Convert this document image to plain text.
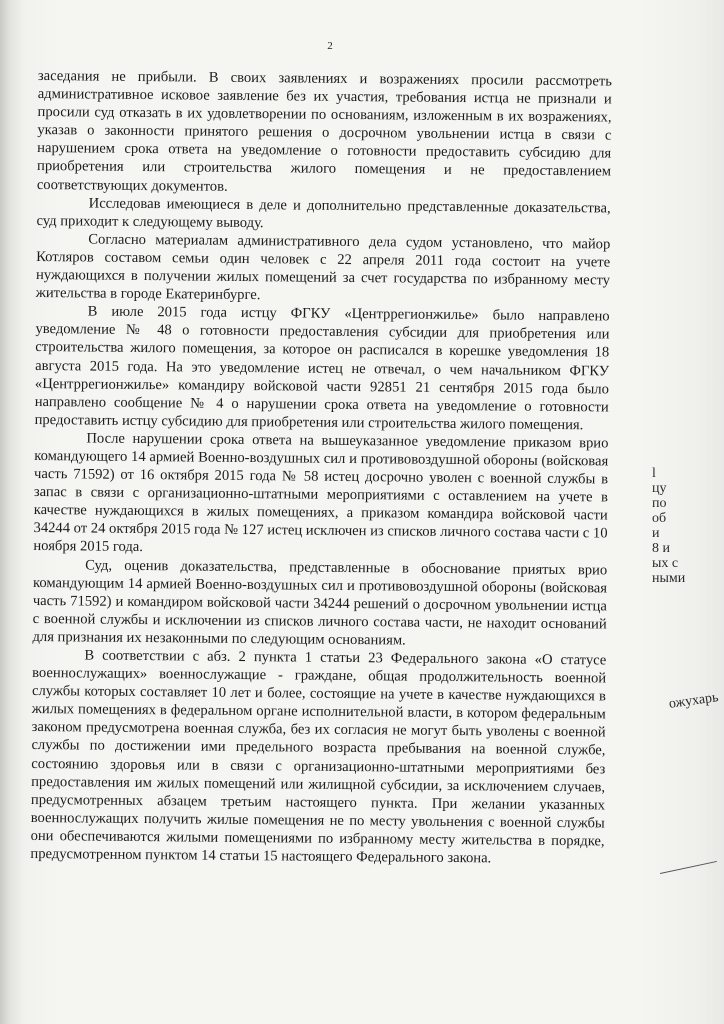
2

заседания не прибыли. В своих заявлениях и возражениях просили рассмотреть административное исковое заявление без их участия, требования истца не признали и просили суд отказать в их удовлетворении по основаниям, изложенным в их возражениях, указав о законности принятого решения о досрочном увольнении истца в связи с нарушением срока ответа на уведомление о готовности предоставить субсидию для приобретения или строительства жилого помещения и не предоставлением соответствующих документов.

Исследовав имеющиеся в деле и дополнительно представленные доказательства, суд приходит к следующему выводу.

Согласно материалам административного дела судом установлено, что майор Котляров составом семьи один человек с 22 апреля 2011 года состоит на учете нуждающихся в получении жилых помещений за счет государства по избранному месту жительства в городе Екатеринбурге.

В июле 2015 года истцу ФГКУ «Центррегионжилье» было направлено уведомление № 48 о готовности предоставления субсидии для приобретения или строительства жилого помещения, за которое он расписался в корешке уведомления 18 августа 2015 года. На это уведомление истец не отвечал, о чем начальником ФГКУ «Центррегионжилье» командиру войсковой части 92851 21 сентября 2015 года было направлено сообщение № 4 о нарушении срока ответа на уведомление о готовности предоставить истцу субсидию для приобретения или строительства жилого помещения.

После нарушении срока ответа на вышеуказанное уведомление приказом врио командующего 14 армией Военно-воздушных сил и противовоздушной обороны (войсковая часть 71592) от 16 октября 2015 года № 58 истец досрочно уволен с военной службы в запас в связи с организационно-штатными мероприятиями с оставлением на учете в качестве нуждающихся в жилых помещениях, а приказом командира войсковой части 34244 от 24 октября 2015 года № 127 истец исключен из списков личного состава части с 10 ноября 2015 года.

Суд, оценив доказательства, представленные в обоснование приятых врио командующим 14 армией Военно-воздушных сил и противовоздушной обороны (войсковая часть 71592) и командиром войсковой части 34244 решений о досрочном увольнении истца с военной службы и исключении из списков личного состава части, не находит оснований для признания их незаконными по следующим основаниям.

В соответствии с абз. 2 пункта 1 статьи 23 Федерального закона «О статусе военнослужащих» военнослужащие - граждане, общая продолжительность военной службы которых составляет 10 лет и более, состоящие на учете в качестве нуждающихся в жилых помещениях в федеральном органе исполнительной власти, в котором федеральным законом предусмотрена военная служба, без их согласия не могут быть уволены с военной службы по достижении ими предельного возраста пребывания на военной службе, состоянию здоровья или в связи с организационно-штатными мероприятиями без предоставления им жилых помещений или жилищной субсидии, за исключением случаев, предусмотренных абзацем третьим настоящего пункта. При желании указанных военнослужащих получить жилые помещения не по месту увольнения с военной службы они обеспечиваются жилыми помещениями по избранному месту жительства в порядке, предусмотренном пунктом 14 статьи 15 настоящего Федерального закона.

l
цу
по
об
и
8 и
ых с
ными
ожухарь
